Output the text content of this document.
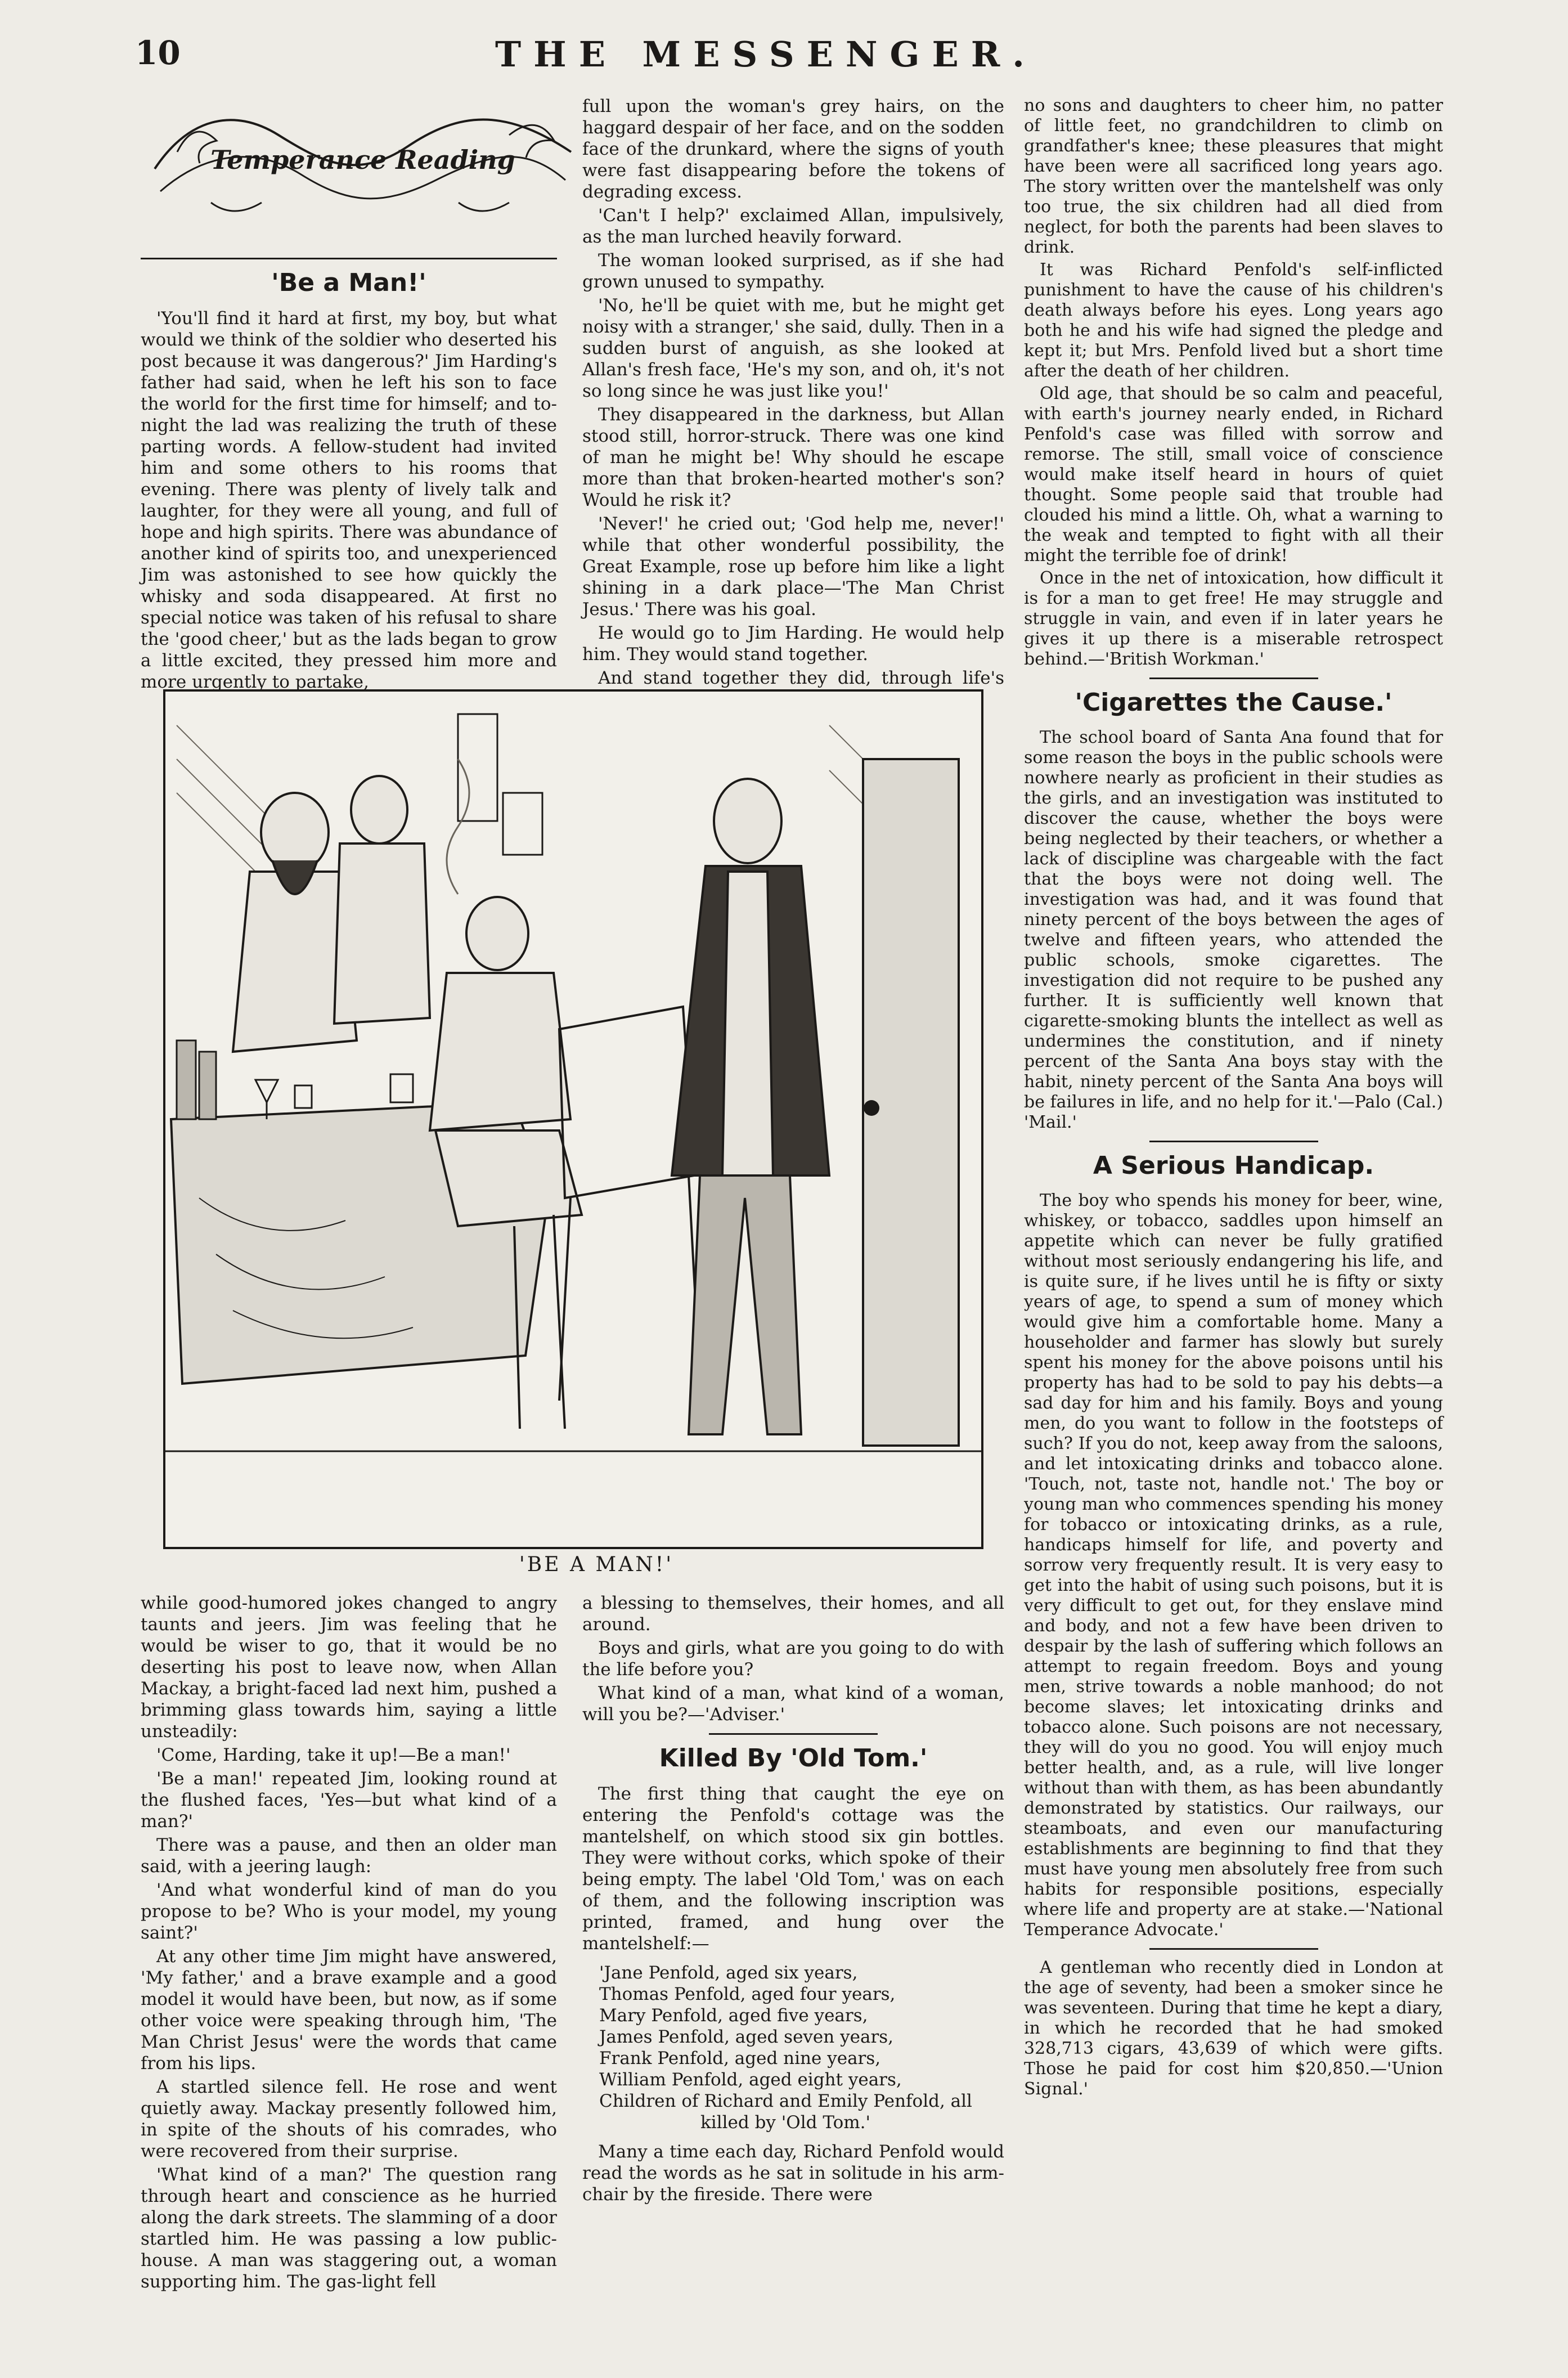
10	THE MESSENGER.
Temperance Reading
'Be a Man!'

'You'll find it hard at first, my boy, but what would we think of the soldier who deserted his post because it was dangerous?' Jim Harding's father had said, when he left his son to face the world for the first time for himself; and to-night the lad was realizing the truth of these parting words. A fellow-student had invited him and some others to his rooms that evening. There was plenty of lively talk and laughter, for they were all young, and full of hope and high spirits. There was abundance of another kind of spirits too, and unexperienced Jim was astonished to see how quickly the whisky and soda disappeared. At first no special notice was taken of his refusal to share the 'good cheer,' but as the lads began to grow a little excited, they pressed him more and more urgently to partake,

full upon the woman's grey hairs, on the haggard despair of her face, and on the sodden face of the drunkard, where the signs of youth were fast disappearing before the tokens of degrading excess.

'Can't I help?' exclaimed Allan, impulsively, as the man lurched heavily forward.

The woman looked surprised, as if she had grown unused to sympathy.

'No, he'll be quiet with me, but he might get noisy with a stranger,' she said, dully. Then in a sudden burst of anguish, as she looked at Allan's fresh face, 'He's my son, and oh, it's not so long since he was just like you!'

They disappeared in the darkness, but Allan stood still, horror-struck. There was one kind of man he might be! Why should he escape more than that broken-hearted mother's son? Would he risk it?

'Never!' he cried out; 'God help me, never!' while that other wonderful possibility, the Great Example, rose up before him like a light shining in a dark place—'The Man Christ Jesus.' There was his goal.

He would go to Jim Harding. He would help him. They would stand together.

And stand together they did, through life's trials and temptations, shoulder to shoulder,

no sons and daughters to cheer him, no patter of little feet, no grandchildren to climb on grandfather's knee; these pleasures that might have been were all sacrificed long years ago. The story written over the mantelshelf was only too true, the six children had all died from neglect, for both the parents had been slaves to drink.

It was Richard Penfold's self-inflicted punishment to have the cause of his children's death always before his eyes. Long years ago both he and his wife had signed the pledge and kept it; but Mrs. Penfold lived but a short time after the death of her children.

Old age, that should be so calm and peaceful, with earth's journey nearly ended, in Richard Penfold's case was filled with sorrow and remorse. The still, small voice of conscience would make itself heard in hours of quiet thought. Some people said that trouble had clouded his mind a little. Oh, what a warning to the weak and tempted to fight with all their might the terrible foe of drink!

Once in the net of intoxication, how difficult it is for a man to get free! He may struggle and struggle in vain, and even if in later years he gives it up there is a miserable retrospect behind.—'British Workman.'

'Cigarettes the Cause.'

The school board of Santa Ana found that for some reason the boys in the public schools were nowhere nearly as proficient in their studies as the girls, and an investigation was instituted to discover the cause, whether the boys were being neglected by their teachers, or whether a lack of discipline was chargeable with the fact that the boys were not doing well. The investigation was had, and it was found that ninety percent of the boys between the ages of twelve and fifteen years, who attended the public schools, smoke cigarettes. The investigation did not require to be pushed any further. It is sufficiently well known that cigarette-smoking blunts the intellect as well as undermines the constitution, and if ninety percent of the Santa Ana boys stay with the habit, ninety percent of the Santa Ana boys will be failures in life, and no help for it.'—Palo (Cal.) 'Mail.'

A Serious Handicap.

The boy who spends his money for beer, wine, whiskey, or tobacco, saddles upon himself an appetite which can never be fully gratified without most seriously endangering his life, and is quite sure, if he lives until he is fifty or sixty years of age, to spend a sum of money which would give him a comfortable home. Many a householder and farmer has slowly but surely spent his money for the above poisons until his property has had to be sold to pay his debts—a sad day for him and his family. Boys and young men, do you want to follow in the footsteps of such? If you do not, keep away from the saloons, and let intoxicating drinks and tobacco alone. 'Touch, not, taste not, handle not.' The boy or young man who commences spending his money for tobacco or intoxicating drinks, as a rule, handicaps himself for life, and poverty and sorrow very frequently result. It is very easy to get into the habit of using such poisons, but it is very difficult to get out, for they enslave mind and body, and not a few have been driven to despair by the lash of suffering which follows an attempt to regain freedom. Boys and young men, strive towards a noble manhood; do not become slaves; let intoxicating drinks and tobacco alone. Such poisons are not necessary, they will do you no good. You will enjoy much better health, and, as a rule, will live longer without than with them, as has been abundantly demonstrated by statistics. Our railways, our steamboats, and even our manufacturing establishments are beginning to find that they must have young men absolutely free from such habits for responsible positions, especially where life and property are at stake.—'National Temperance Advocate.'

A gentleman who recently died in London at the age of seventy, had been a smoker since he was seventeen. During that time he kept a diary, in which he recorded that he had smoked 328,713 cigars, 43,639 of which were gifts. Those he paid for cost him $20,850.—'Union Signal.'

'BE A MAN!'

while good-humored jokes changed to angry taunts and jeers. Jim was feeling that he would be wiser to go, that it would be no deserting his post to leave now, when Allan Mackay, a bright-faced lad next him, pushed a brimming glass towards him, saying a little unsteadily:

'Come, Harding, take it up!—Be a man!'

'Be a man!' repeated Jim, looking round at the flushed faces, 'Yes—but what kind of a man?'

There was a pause, and then an older man said, with a jeering laugh:

'And what wonderful kind of man do you propose to be? Who is your model, my young saint?'

At any other time Jim might have answered, 'My father,' and a brave example and a good model it would have been, but now, as if some other voice were speaking through him, 'The Man Christ Jesus' were the words that came from his lips.

A startled silence fell. He rose and went quietly away. Mackay presently followed him, in spite of the shouts of his comrades, who were recovered from their surprise.

'What kind of a man?' The question rang through heart and conscience as he hurried along the dark streets. The slamming of a door startled him. He was passing a low public-house. A man was staggering out, a woman supporting him. The gas-light fell

a blessing to themselves, their homes, and all around.

Boys and girls, what are you going to do with the life before you?

What kind of a man, what kind of a woman, will you be?—'Adviser.'

Killed By 'Old Tom.'

The first thing that caught the eye on entering the Penfold's cottage was the mantelshelf, on which stood six gin bottles. They were without corks, which spoke of their being empty. The label 'Old Tom,' was on each of them, and the following inscription was printed, framed, and hung over the mantelshelf:—

'Jane Penfold, aged six years,
Thomas Penfold, aged four years,
Mary Penfold, aged five years,
James Penfold, aged seven years,
Frank Penfold, aged nine years,
William Penfold, aged eight years,
Children of Richard and Emily Penfold, all
killed by 'Old Tom.'

Many a time each day, Richard Penfold would read the words as he sat in solitude in his arm-chair by the fireside. There were
